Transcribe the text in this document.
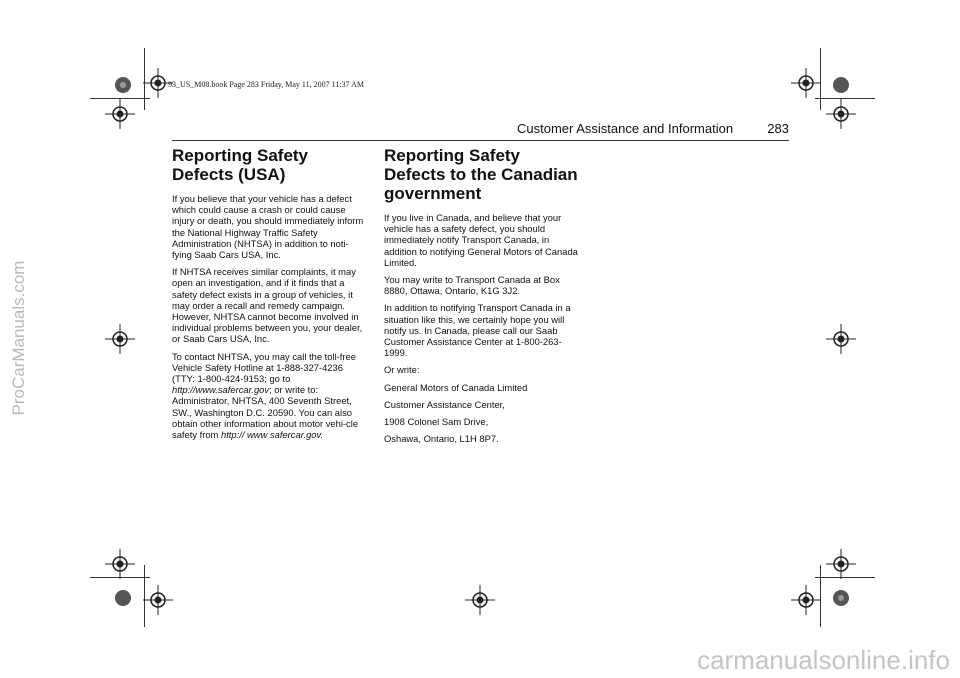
93_US_M08.book Page 283 Friday, May 11, 2007 11:37 AM
Customer Assistance and Information	283
Reporting Safety Defects (USA)

If you believe that your vehicle has a defect which could cause a crash or could cause injury or death, you should immediately inform the National Highway Traffic Safety Administration (NHTSA) in addition to noti-fying Saab Cars USA, Inc.

If NHTSA receives similar complaints, it may open an investigation, and if it finds that a safety defect exists in a group of vehicles, it may order a recall and remedy campaign. However, NHTSA cannot become involved in individual problems between you, your dealer, or Saab Cars USA, Inc.

To contact NHTSA, you may call the toll-free Vehicle Safety Hotline at 1-888-327-4236 (TTY: 1-800-424-9153; go to http://www.safercar.gov; or write to: Administrator, NHTSA, 400 Seventh Street, SW., Washington D.C. 20590. You can also obtain other information about motor vehi-cle safety from http:// www safercar.gov.

Reporting Safety Defects to the Canadian government

If you live in Canada, and believe that your vehicle has a safety defect, you should immediately notify Transport Canada, in addition to notifying General Motors of Canada Limited.

You may write to Transport Canada at Box 8880, Ottawa, Ontario, K1G 3J2.

In addition to notifying Transport Canada in a situation like this, we certainly hope you will notify us. In Canada, please call our Saab Customer Assistance Center at 1-800-263-1999.

Or write:

General Motors of Canada Limited

Customer Assistance Center,

1908 Colonel Sam Drive,

Oshawa, Ontario, L1H 8P7.

ProCarManuals.com
carmanualsonline.info
